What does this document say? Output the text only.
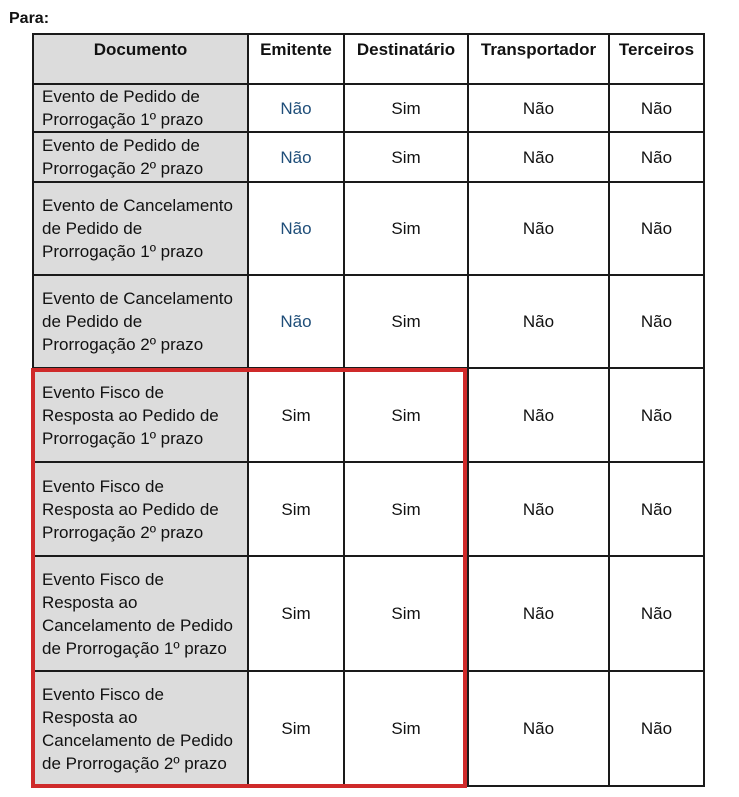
Para:
Documento	Emitente	Destinatário	Transportador	Terceiros
Evento de Pedido de Prorrogação 1º prazo	Não	Sim	Não	Não
Evento de Pedido de Prorrogação 2º prazo	Não	Sim	Não	Não
Evento de Cancelamento de Pedido de Prorrogação 1º prazo	Não	Sim	Não	Não
Evento de Cancelamento de Pedido de Prorrogação 2º prazo	Não	Sim	Não	Não
Evento Fisco de Resposta ao Pedido de Prorrogação 1º prazo	Sim	Sim	Não	Não
Evento Fisco de Resposta ao Pedido de Prorrogação 2º prazo	Sim	Sim	Não	Não
Evento Fisco de Resposta ao Cancelamento de Pedido de Prorrogação 1º prazo	Sim	Sim	Não	Não
Evento Fisco de Resposta ao Cancelamento de Pedido de Prorrogação 2º prazo	Sim	Sim	Não	Não
